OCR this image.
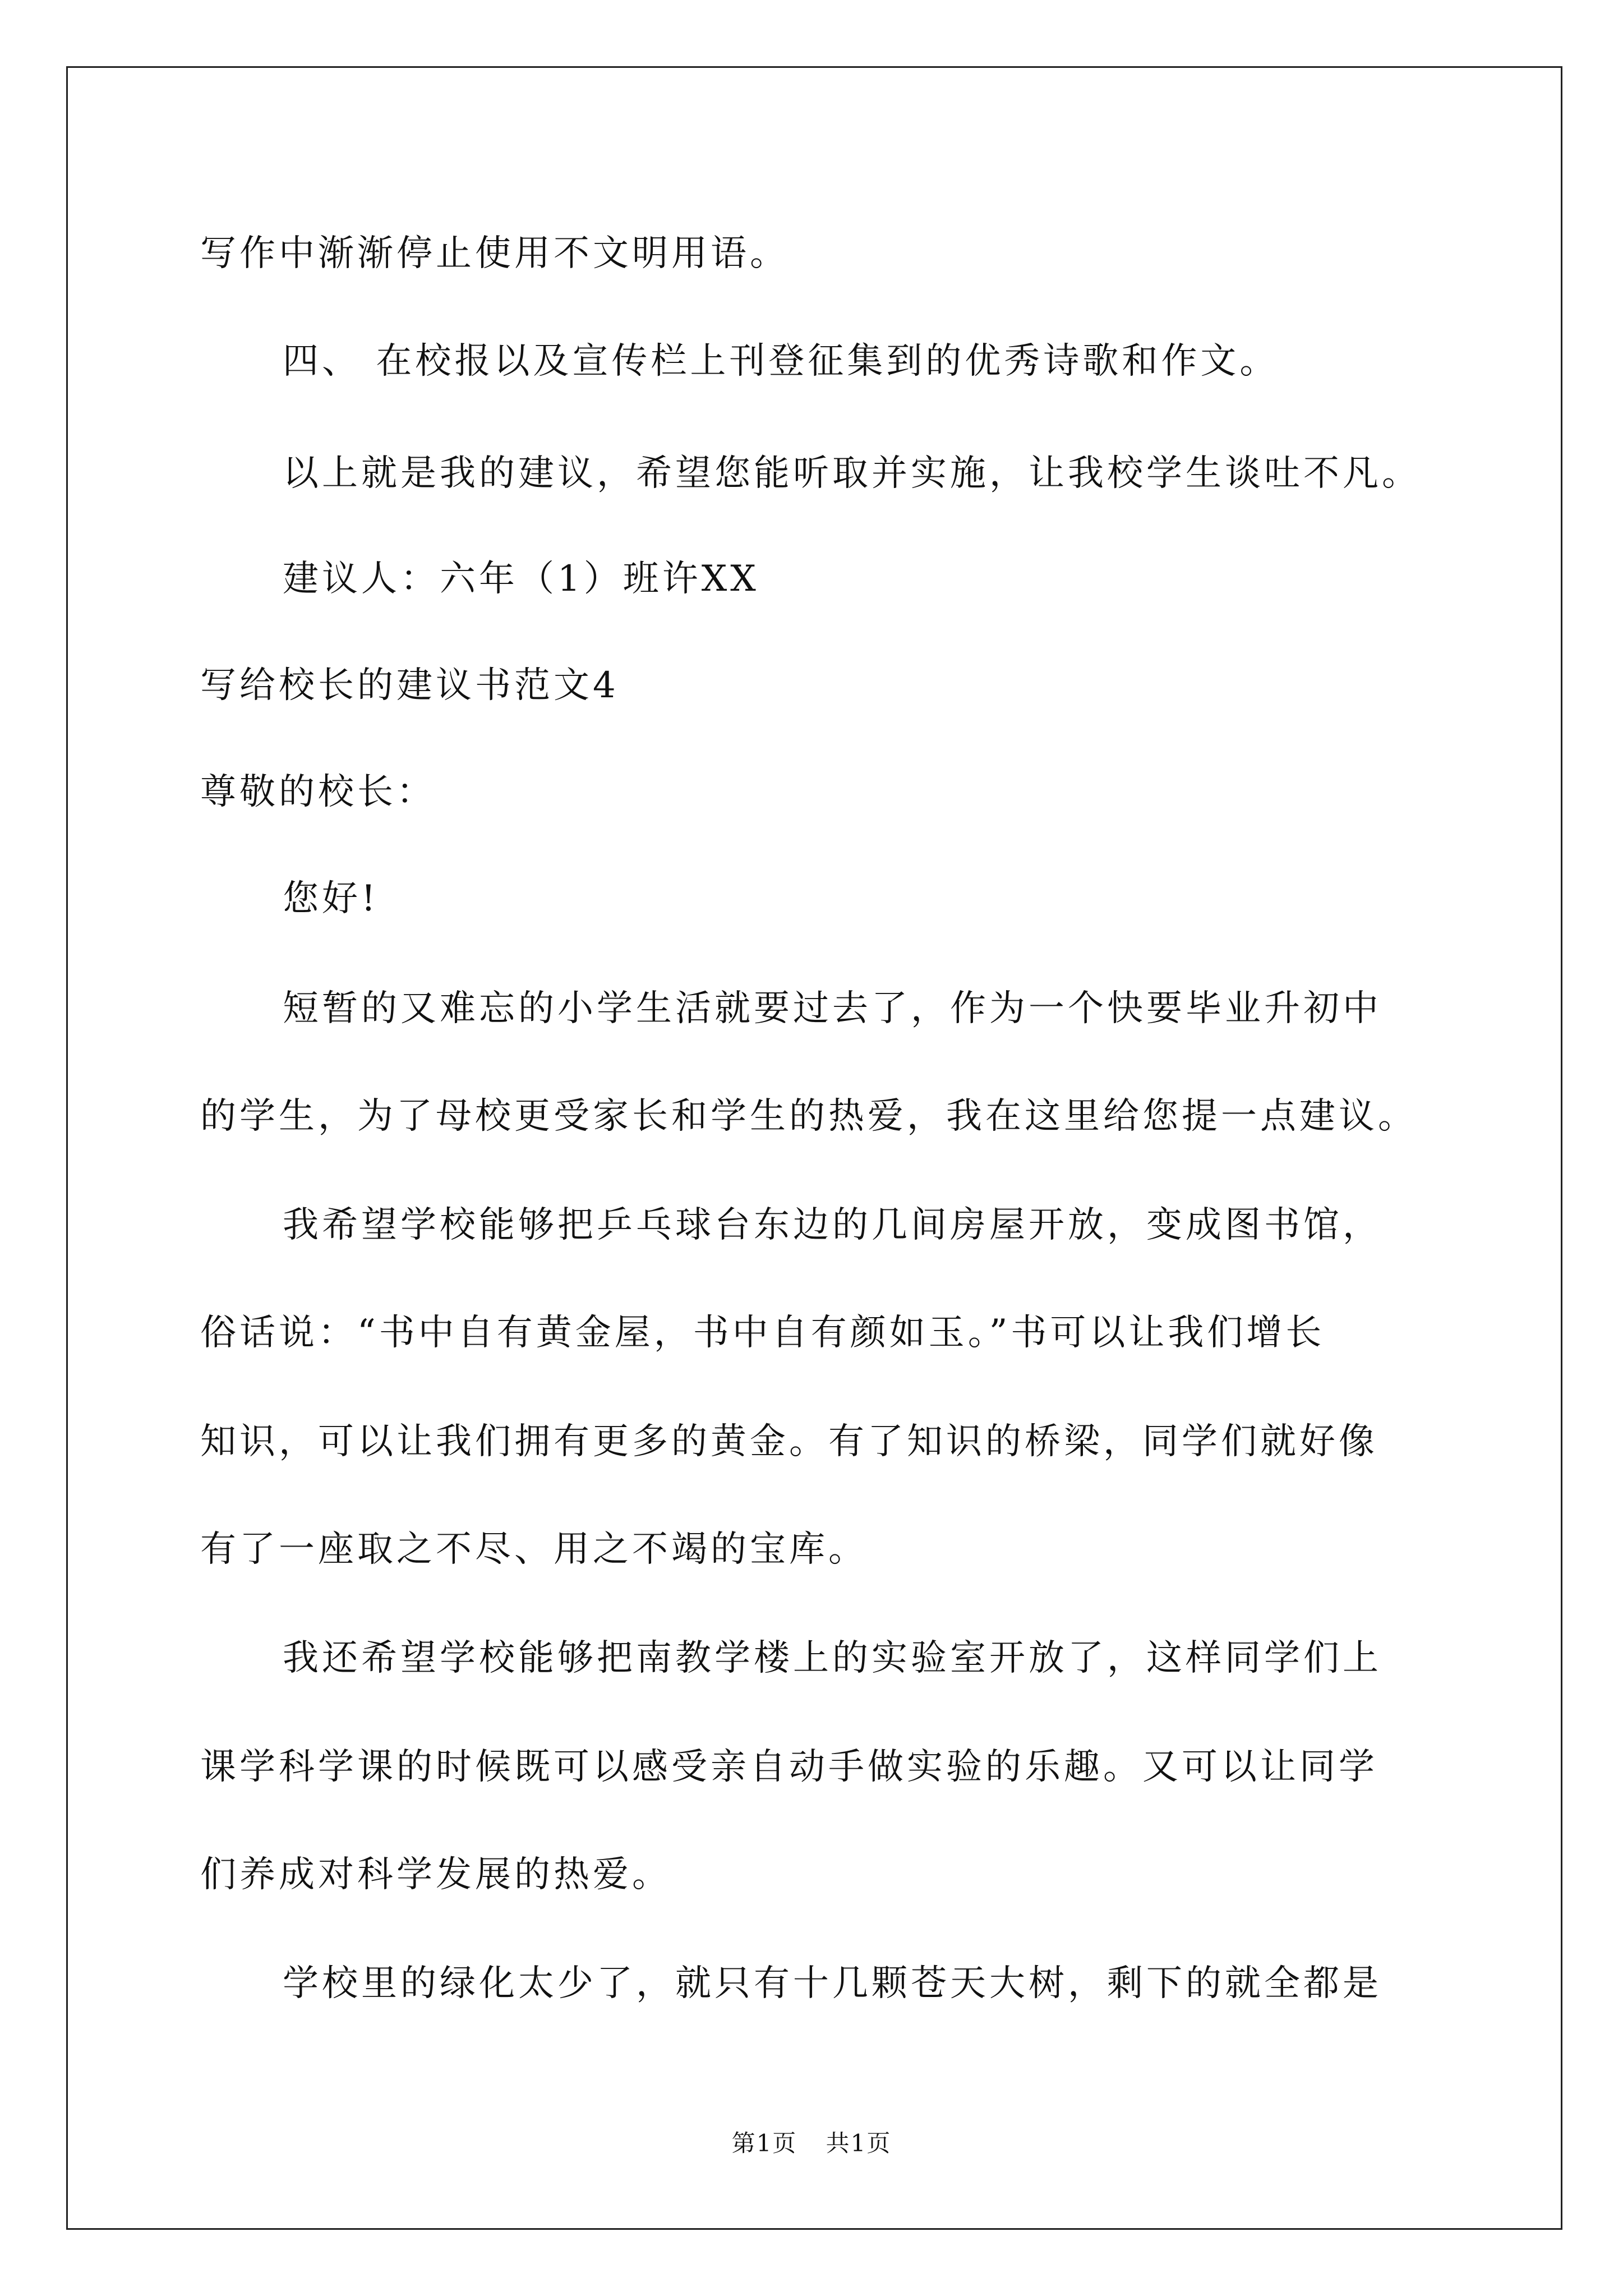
写作中渐渐停止使用不文明用语。

四、 在校报以及宣传栏上刊登征集到的优秀诗歌和作文。

以上就是我的建议，希望您能听取并实施，让我校学生谈吐不凡。

建议人：六年（1）班许XX

写给校长的建议书范文4

尊敬的校长：

您好!

短暂的又难忘的小学生活就要过去了，作为一个快要毕业升初中

的学生，为了母校更受家长和学生的热爱，我在这里给您提一点建议。

我希望学校能够把乒乓球台东边的几间房屋开放，变成图书馆，

俗话说：“书中自有黄金屋，书中自有颜如玉。”书可以让我们增长

知识，可以让我们拥有更多的黄金。有了知识的桥梁，同学们就好像

有了一座取之不尽、用之不竭的宝库。

我还希望学校能够把南教学楼上的实验室开放了，这样同学们上

课学科学课的时候既可以感受亲自动手做实验的乐趣。又可以让同学

们养成对科学发展的热爱。

学校里的绿化太少了，就只有十几颗苍天大树，剩下的就全都是

第1页 共1页
